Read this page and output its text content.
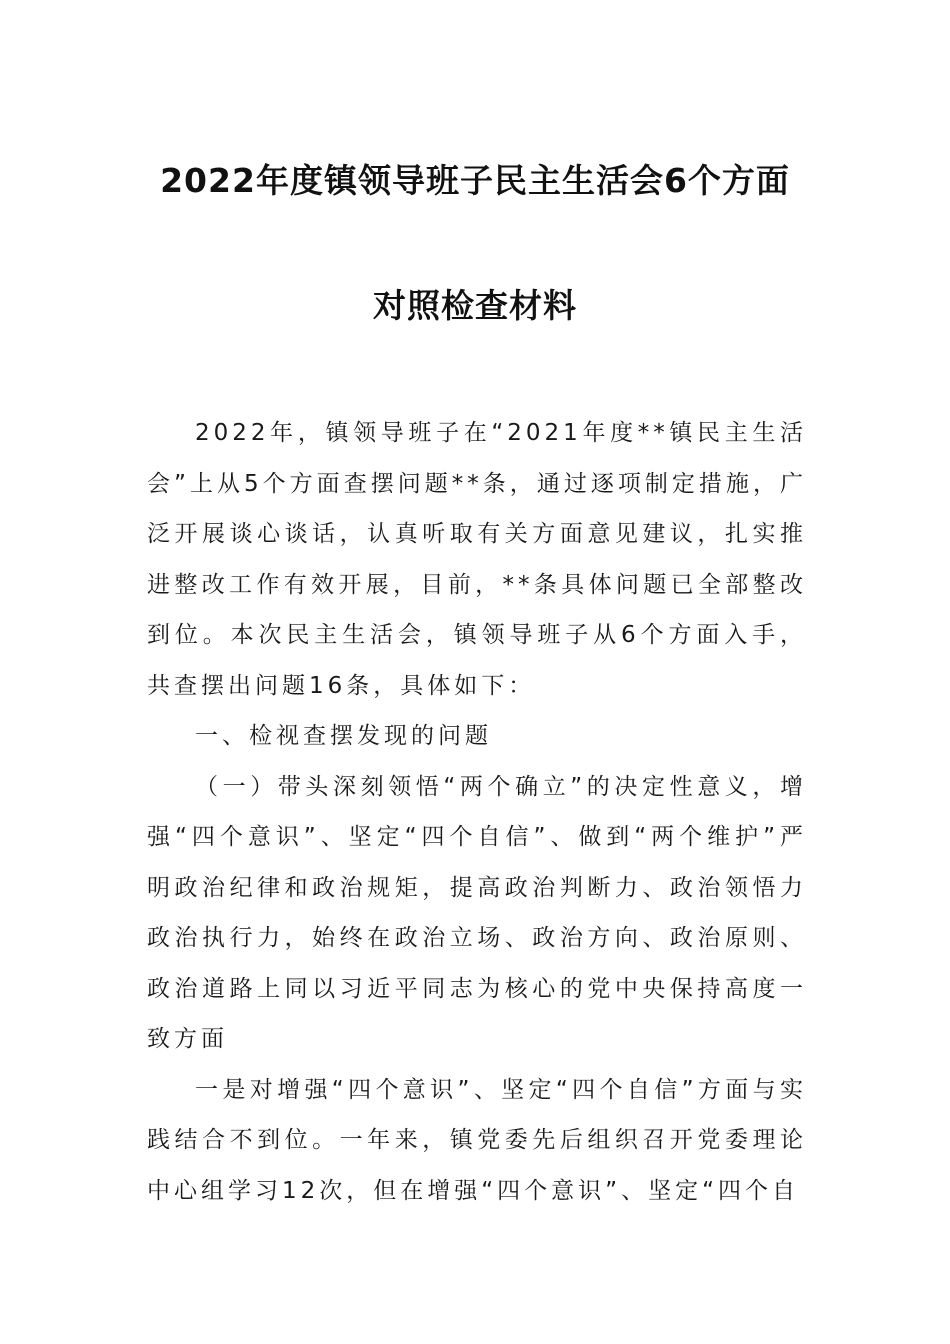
2022年度镇领导班子民主生活会6个方面
对照检查材料

2022年，镇领导班子在“2021年度**镇民主生活会”上从5个方面查摆问题**条，通过逐项制定措施，广泛开展谈心谈话，认真听取有关方面意见建议，扎实推进整改工作有效开展，目前，**条具体问题已全部整改到位。本次民主生活会，镇领导班子从6个方面入手，共查摆出问题16条，具体如下：

一、检视查摆发现的问题

（一）带头深刻领悟“两个确立”的决定性意义，增强“四个意识”、坚定“四个自信”、做到“两个维护”严明政治纪律和政治规矩，提高政治判断力、政治领悟力政治执行力，始终在政治立场、政治方向、政治原则、政治道路上同以习近平同志为核心的党中央保持高度一致方面

一是对增强“四个意识”、坚定“四个自信”方面与实践结合不到位。一年来，镇党委先后组织召开党委理论中心组学习12次，但在增强“四个意识”、坚定“四个自
